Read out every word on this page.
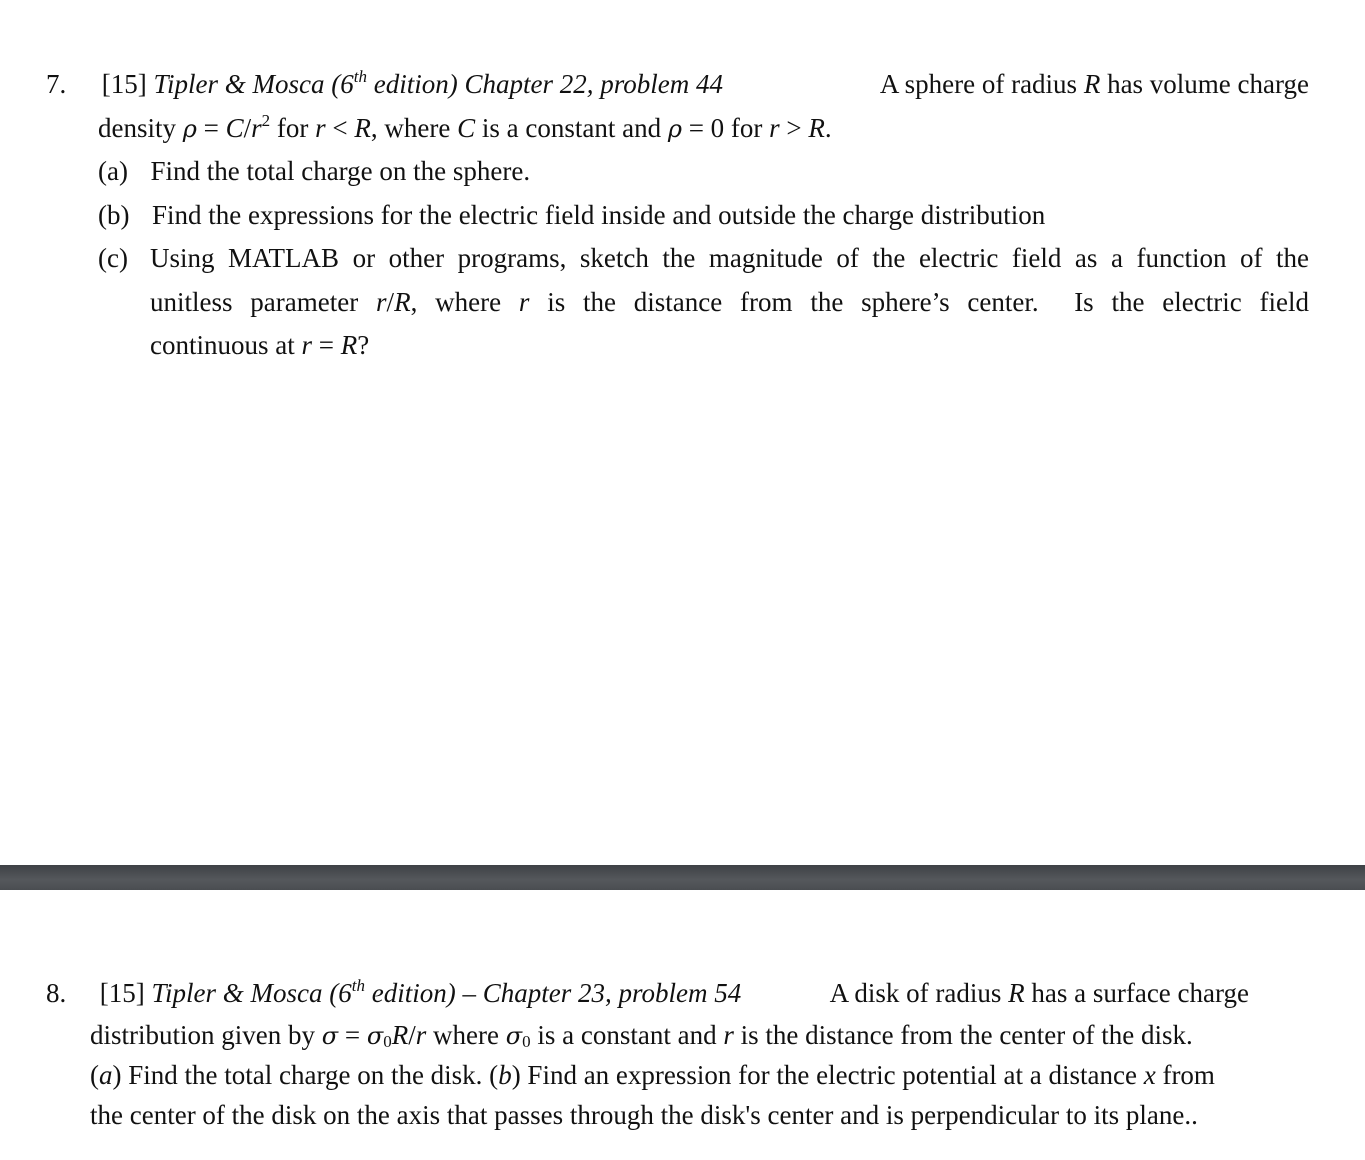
7. [15] Tipler & Mosca (6th edition) Chapter 22, problem 44	A sphere of radius R has volume charge
density $\rho = C/r^2$ for r < R, where C is a constant and ρ = 0 for r > R.
(a) Find the total charge on the sphere.
(b) Find the expressions for the electric field inside and outside the charge distribution
(c) Using MATLAB or other programs, sketch the magnitude of the electric field as a function of the
unitless parameter r/R, where r is the distance from the sphere’s center.  Is the electric field
continuous at r = R?
8. [15] Tipler & Mosca (6th edition) – Chapter 23, problem 54	A disk of radius R has a surface charge
distribution given by $\sigma = \sigma_0R/r$ where $\sigma_0$ is a constant and r is the distance from the center of the disk.
(a) Find the total charge on the disk. (b) Find an expression for the electric potential at a distance x from
the center of the disk on the axis that passes through the disk's center and is perpendicular to its plane..
